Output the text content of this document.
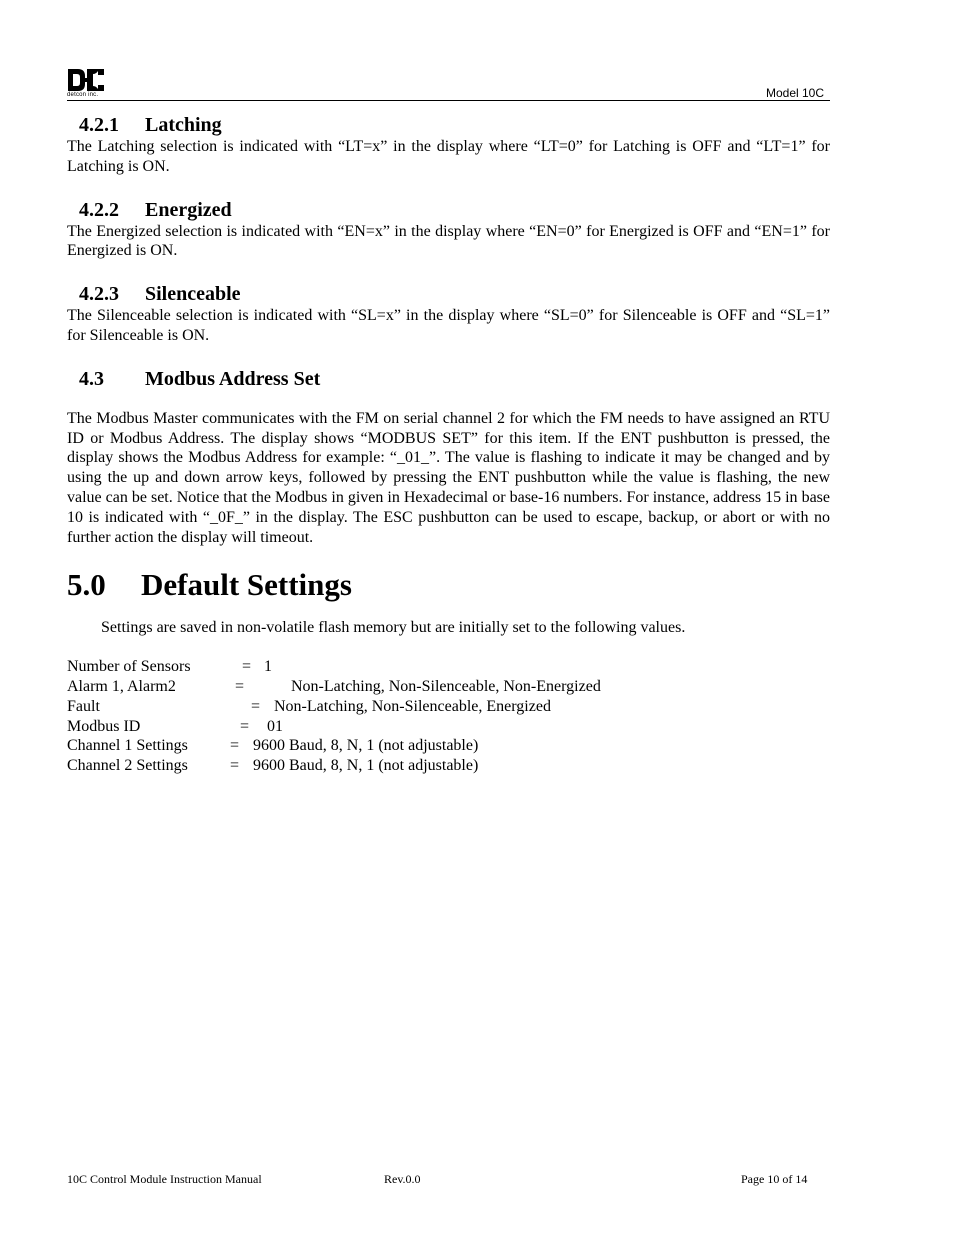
detcon inc.	Model 10C
4.2.1	Latching

The Latching selection is indicated with “LT=x” in the display where “LT=0” for Latching is OFF and “LT=1” for Latching is ON.

4.2.2	Energized

The Energized selection is indicated with “EN=x” in the display where “EN=0” for Energized is OFF and “EN=1” for Energized is ON.

4.2.3	Silenceable

The Silenceable selection is indicated with “SL=x” in the display where “SL=0” for Silenceable is OFF and “SL=1” for Silenceable is ON.

4.3	Modbus Address Set

The Modbus Master communicates with the FM on serial channel 2 for which the FM needs to have assigned an RTU ID or Modbus Address. The display shows “MODBUS SET” for this item. If the ENT pushbutton is pressed, the display shows the Modbus Address for example: “_01_”. The value is flashing to indicate it may be changed and by using the up and down arrow keys, followed by pressing the ENT pushbutton while the value is flashing, the new value can be set. Notice that the Modbus in given in Hexadecimal or base-16 numbers. For instance, address 15 in base 10 is indicated with “_0F_” in the display. The ESC pushbutton can be used to escape, backup, or abort or with no further action the display will timeout.

5.0	Default Settings

Settings are saved in non-volatile flash memory but are initially set to the following values.

Number of Sensors	= 1
Alarm 1, Alarm2	=	Non-Latching, Non-Silenceable, Non-Energized
Fault	= Non-Latching, Non-Silenceable, Energized
Modbus ID	= 01
Channel 1 Settings	= 9600 Baud, 8, N, 1 (not adjustable)
Channel 2 Settings	= 9600 Baud, 8, N, 1 (not adjustable)
10C Control Module Instruction Manual	Rev.0.0	Page 10 of 14
